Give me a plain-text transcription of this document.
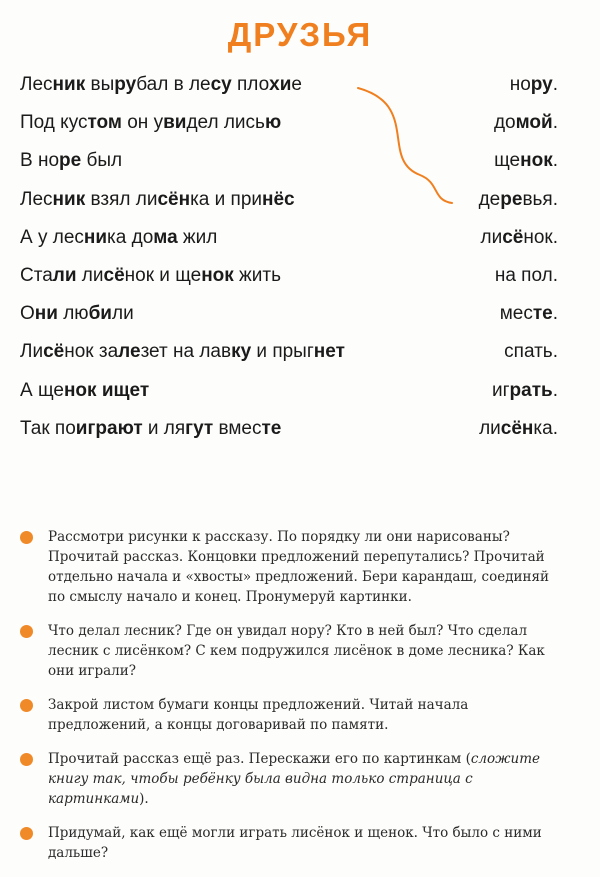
ДРУЗЬЯ
Лесник вырубал в лесу плохие	нору.
Под кустом он увидел лисью	домой.
В норе был	щенок.
Лесник взял лисёнка и принёс	деревья.
А у лесника дома жил	лисёнок.
Стали лисёнок и щенок жить	на пол.
Они любили	месте.
Лисёнок залезет на лавку и прыгнет	спать.
А щенок ищет	играть.
Так поиграют и лягут вместе	лисёнка.
Рассмотри рисунки к рассказу. По порядку ли они нарисованы? Прочитай рассказ. Концовки предложений перепутались? Прочитай отдельно начала и «хвосты» предложений. Бери карандаш, соединяй по смыслу начало и конец. Пронумеруй картинки.
Что делал лесник? Где он увидал нору? Кто в ней был? Что сделал лесник с лисёнком? С кем подружился лисёнок в доме лесника? Как они играли?
Закрой листом бумаги концы предложений. Читай начала предложений, а концы договаривай по памяти.
Прочитай рассказ ещё раз. Перескажи его по картинкам (сложите книгу так, чтобы ребёнку была видна только страница с картинками).
Придумай, как ещё могли играть лисёнок и щенок. Что было с ними дальше?
